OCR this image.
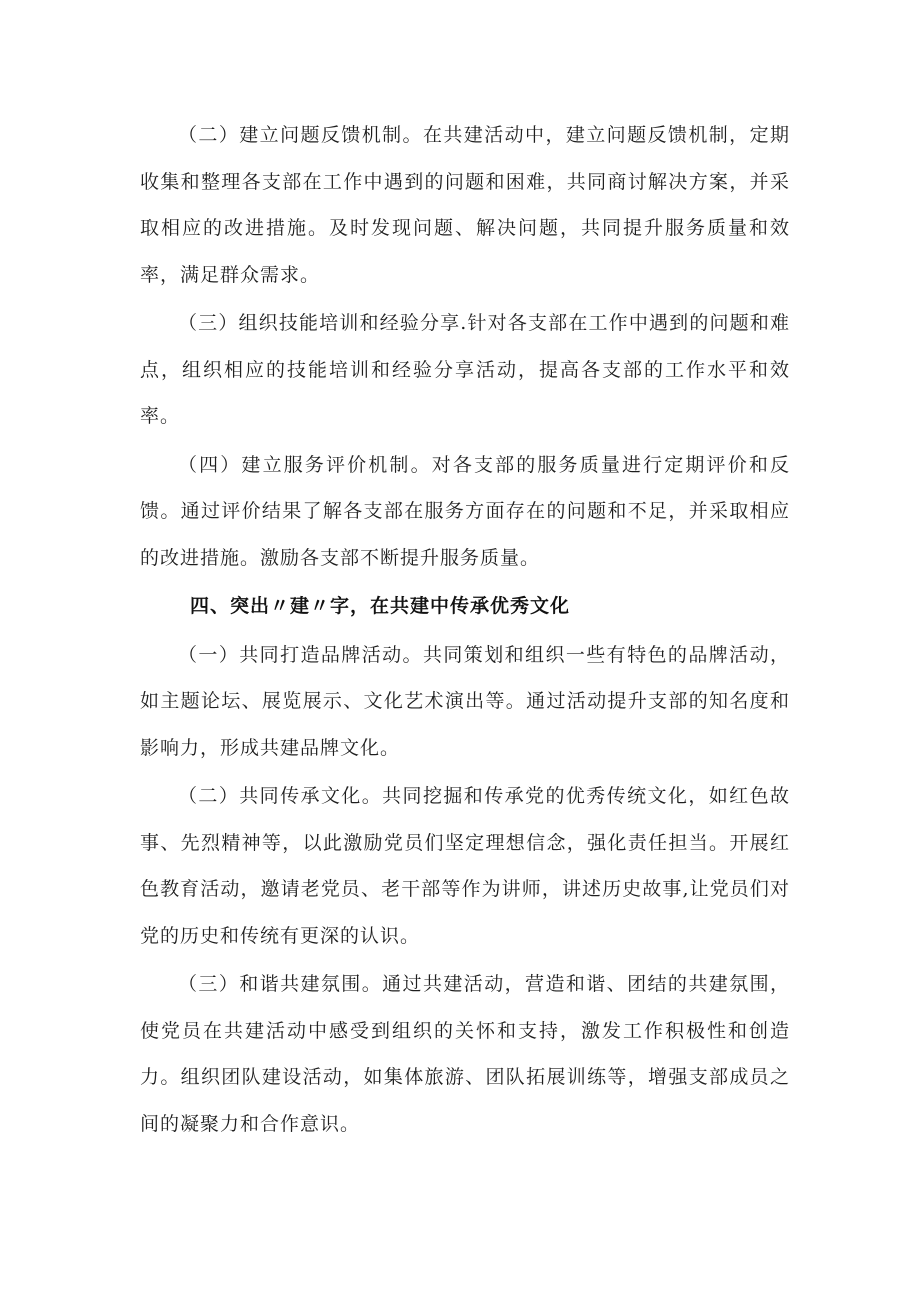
（二）建立问题反馈机制。在共建活动中，建立问题反馈机制，定期收集和整理各支部在工作中遇到的问题和困难，共同商讨解决方案，并采取相应的改进措施。及时发现问题、解决问题，共同提升服务质量和效率，满足群众需求。

（三）组织技能培训和经验分享.针对各支部在工作中遇到的问题和难点，组织相应的技能培训和经验分享活动，提高各支部的工作水平和效率。

（四）建立服务评价机制。对各支部的服务质量进行定期评价和反馈。通过评价结果了解各支部在服务方面存在的问题和不足，并采取相应的改进措施。激励各支部不断提升服务质量。

四、突出〃建〃字，在共建中传承优秀文化

（一）共同打造品牌活动。共同策划和组织一些有特色的品牌活动，如主题论坛、展览展示、文化艺术演出等。通过活动提升支部的知名度和影响力，形成共建品牌文化。

（二）共同传承文化。共同挖掘和传承党的优秀传统文化，如红色故事、先烈精神等，以此激励党员们坚定理想信念，强化责任担当。开展红色教育活动，邀请老党员、老干部等作为讲师，讲述历史故事,让党员们对党的历史和传统有更深的认识。

（三）和谐共建氛围。通过共建活动，营造和谐、团结的共建氛围，使党员在共建活动中感受到组织的关怀和支持，激发工作积极性和创造力。组织团队建设活动，如集体旅游、团队拓展训练等，增强支部成员之间的凝聚力和合作意识。
